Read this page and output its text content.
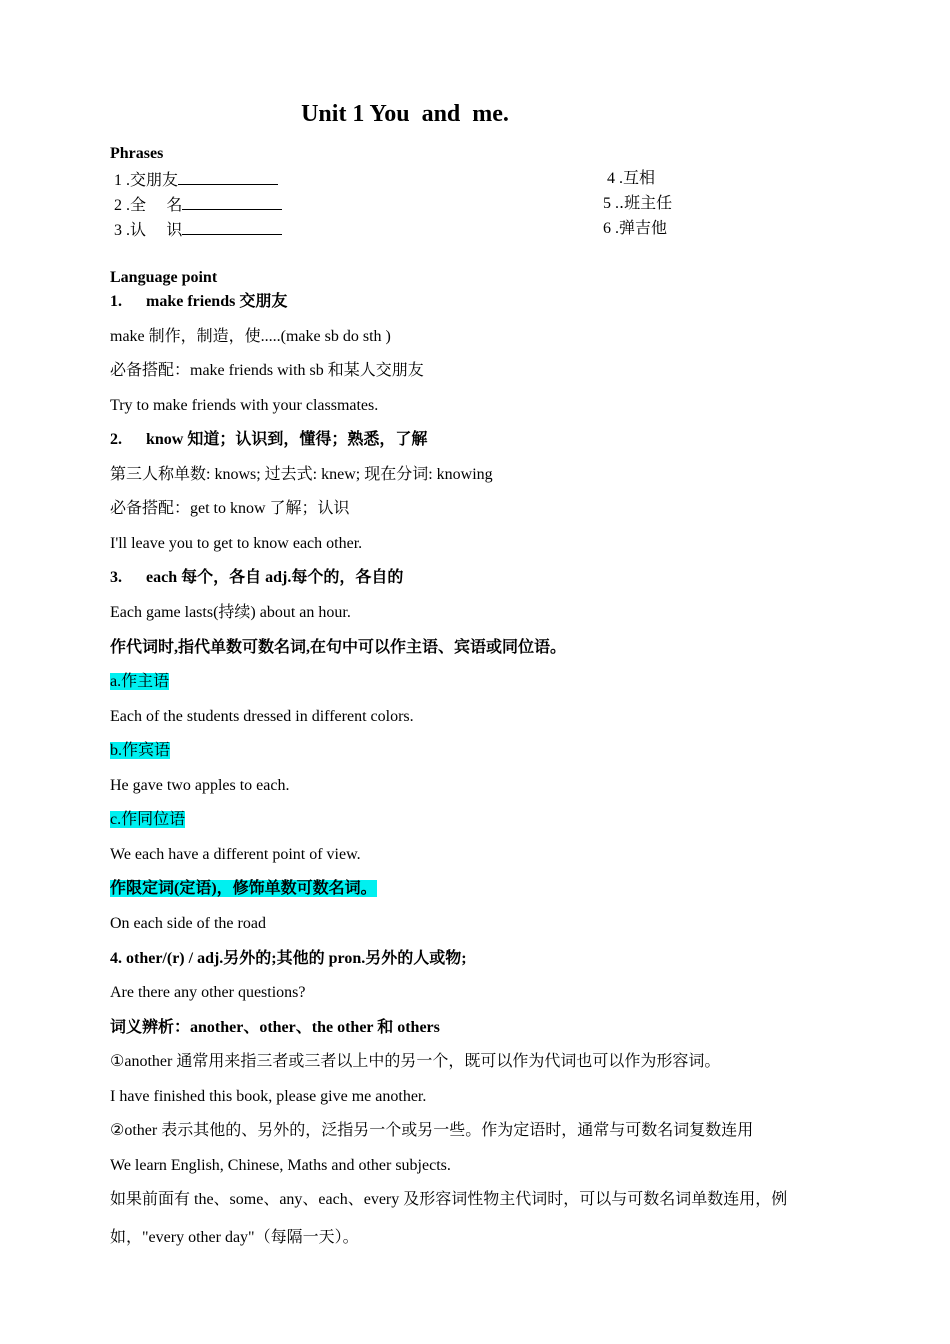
Unit 1 You  and  me.
Phrases
1 .交朋友
2 .全    名
3 .认    识
4 .互相
5 ..班主任
6 .弹吉他
Language point
1.      make friends 交朋友
make 制作，制造，使.....(make sb do sth )
必备搭配：make friends with sb 和某人交朋友
Try to make friends with your classmates.
2.      know 知道；认识到，懂得；熟悉，了解
第三人称单数: knows; 过去式: knew; 现在分词: knowing
必备搭配：get to know 了解；认识
I'll leave you to get to know each other.
3.      each 每个，各自 adj.每个的，各自的
Each game lasts(持续) about an hour.
作代词时,指代单数可数名词,在句中可以作主语、宾语或同位语。
a.作主语
Each of the students dressed in different colors.
b.作宾语
He gave two apples to each.
c.作同位语
We each have a different point of view.
作限定词(定语)，修饰单数可数名词。
On each side of the road
4. other/(r) / adj.另外的;其他的 pron.另外的人或物;
Are there any other questions?
词义辨析：another、other、the other 和 others
①another 通常用来指三者或三者以上中的另一个，既可以作为代词也可以作为形容词。
I have finished this book, please give me another.
②other 表示其他的、另外的，泛指另一个或另一些。作为定语时，通常与可数名词复数连用
We learn English, Chinese, Maths and other subjects.
如果前面有 the、some、any、each、every 及形容词性物主代词时，可以与可数名词单数连用，例
如，"every other day"（每隔一天）。
